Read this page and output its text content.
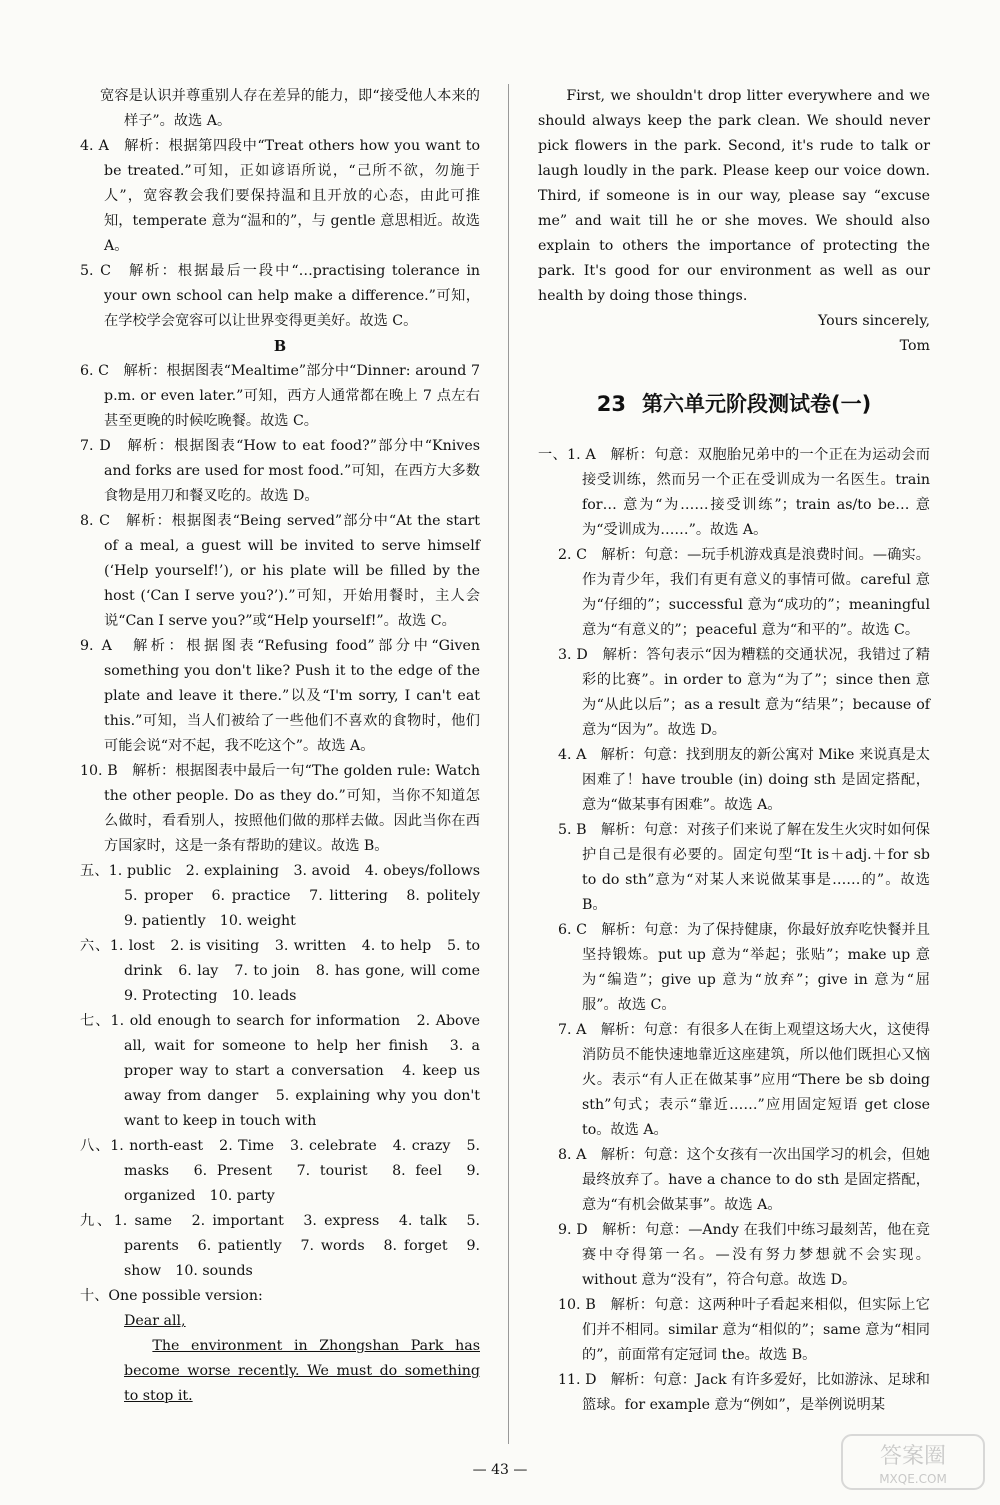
宽容是认识并尊重别人存在差异的能力，即“接受他人本来的样子”。故选 A。

4. A　解析：根据第四段中“Treat others how you want to be treated.”可知，正如谚语所说，“己所不欲，勿施于人”，宽容教会我们要保持温和且开放的心态，由此可推知，temperate 意为“温和的”，与 gentle 意思相近。故选 A。

5. C　解析：根据最后一段中“…practising tolerance in your own school can help make a difference.”可知，在学校学会宽容可以让世界变得更美好。故选 C。

B

6. C　解析：根据图表“Mealtime”部分中“Dinner: around 7 p.m. or even later.”可知，西方人通常都在晚上 7 点左右甚至更晚的时候吃晚餐。故选 C。

7. D　解析：根据图表“How to eat food?”部分中“Knives and forks are used for most food.”可知，在西方大多数食物是用刀和餐叉吃的。故选 D。

8. C　解析：根据图表“Being served”部分中“At the start of a meal, a guest will be invited to serve himself (‘Help yourself!’), or his plate will be filled by the host (‘Can I serve you?’).”可知，开始用餐时，主人会说“Can I serve you?”或“Help yourself!”。故选 C。

9. A　解析：根据图表“Refusing food”部分中“Given something you don't like? Push it to the edge of the plate and leave it there.”以及“I'm sorry, I can't eat this.”可知，当人们被给了一些他们不喜欢的食物时，他们可能会说“对不起，我不吃这个”。故选 A。

10. B　解析：根据图表中最后一句“The golden rule: Watch the other people. Do as they do.”可知，当你不知道怎么做时，看看别人，按照他们做的那样去做。因此当你在西方国家时，这是一条有帮助的建议。故选 B。

五、1. public　2. explaining　3. avoid　4. obeys/follows　5. proper　6. practice　7. littering　8. politely　9. patiently　10. weight

六、1. lost　2. is visiting　3. written　4. to help　5. to drink　6. lay　7. to join　8. has gone, will come　9. Protecting　10. leads

七、1. old enough to search for information　2. Above all, wait for someone to help her finish　3. a proper way to start a conversation　4. keep us away from danger　5. explaining why you don't want to keep in touch with

八、1. north-east　2. Time　3. celebrate　4. crazy　5. masks　6. Present　7. tourist　8. feel　9. organized　10. party

九、1. same　2. important　3. express　4. talk　5. parents　6. patiently　7. words　8. forget　9. show　10. sounds

十、One possible version:

Dear all,

The environment in Zhongshan Park has become worse recently. We must do something to stop it.

First, we shouldn't drop litter everywhere and we should always keep the park clean. We should never pick flowers in the park. Second, it's rude to talk or laugh loudly in the park. Please keep our voice down. Third, if someone is in our way, please say “excuse me” and wait till he or she moves. We should also explain to others the importance of protecting the park. It's good for our environment as well as our health by doing those things.

Yours sincerely,

Tom

23 第六单元阶段测试卷(一)

一、1. A　解析：句意：双胞胎兄弟中的一个正在为运动会而接受训练，然而另一个正在受训成为一名医生。train for… 意为“为……接受训练”；train as/to be… 意为“受训成为……”。故选 A。

2. C　解析：句意：—玩手机游戏真是浪费时间。—确实。作为青少年，我们有更有意义的事情可做。careful 意为“仔细的”；successful 意为“成功的”；meaningful 意为“有意义的”；peaceful 意为“和平的”。故选 C。

3. D　解析：答句表示“因为糟糕的交通状况，我错过了精彩的比赛”。in order to 意为“为了”；since then 意为“从此以后”；as a result 意为“结果”；because of 意为“因为”。故选 D。

4. A　解析：句意：找到朋友的新公寓对 Mike 来说真是太困难了！have trouble (in) doing sth 是固定搭配，意为“做某事有困难”。故选 A。

5. B　解析：句意：对孩子们来说了解在发生火灾时如何保护自己是很有必要的。固定句型“It is＋adj.＋for sb to do sth”意为“对某人来说做某事是……的”。故选 B。

6. C　解析：句意：为了保持健康，你最好放弃吃快餐并且坚持锻炼。put up 意为“举起；张贴”；make up 意为“编造”；give up 意为“放弃”；give in 意为“屈服”。故选 C。

7. A　解析：句意：有很多人在街上观望这场大火，这使得消防员不能快速地靠近这座建筑，所以他们既担心又恼火。表示“有人正在做某事”应用“There be sb doing sth”句式；表示“靠近……”应用固定短语 get close to。故选 A。

8. A　解析：句意：这个女孩有一次出国学习的机会，但她最终放弃了。have a chance to do sth 是固定搭配，意为“有机会做某事”。故选 A。

9. D　解析：句意：—Andy 在我们中练习最刻苦，他在竞赛中夺得第一名。—没有努力梦想就不会实现。without 意为“没有”，符合句意。故选 D。

10. B　解析：句意：这两种叶子看起来相似，但实际上它们并不相同。similar 意为“相似的”；same 意为“相同的”，前面常有定冠词 the。故选 B。

11. D　解析：句意：Jack 有许多爱好，比如游泳、足球和篮球。for example 意为“例如”，是举例说明某

— 43 —
答案圈
MXQE.COM
